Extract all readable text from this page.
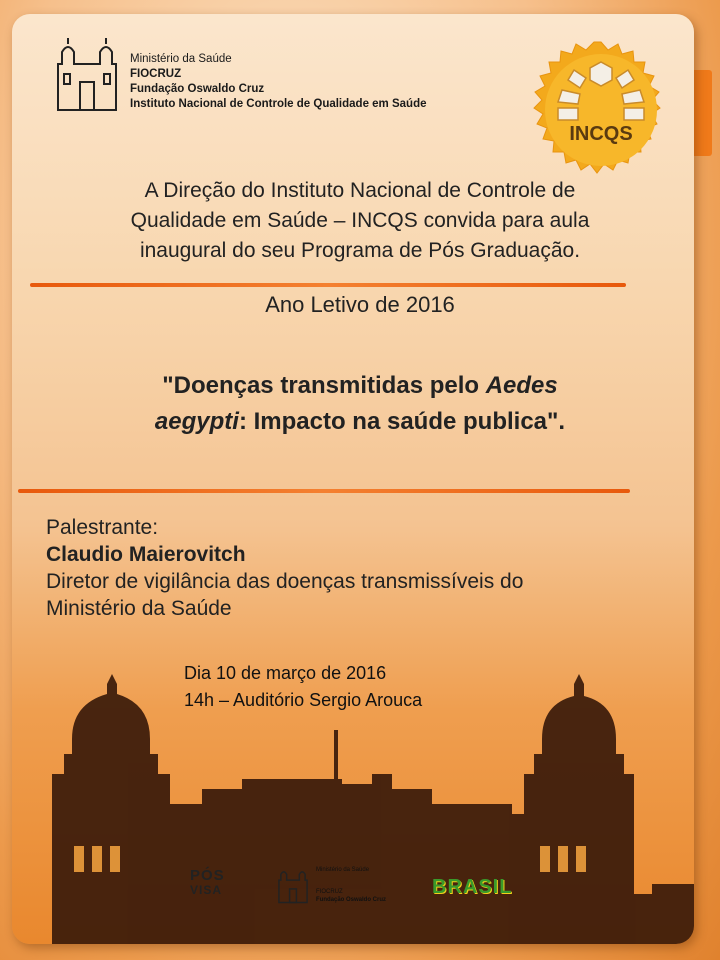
Ministério da Saúde
FIOCRUZ
Fundação Oswaldo Cruz
Instituto Nacional de Controle de Qualidade em Saúde
INCQS
A Direção do Instituto Nacional de Controle de
Qualidade em Saúde – INCQS convida para aula
inaugural do seu Programa de Pós Graduação.
Ano Letivo de 2016
"Doenças transmitidas pelo Aedes
aegypti: Impacto na saúde publica".
Palestrante:
Claudio Maierovitch
Diretor de vigilância das doenças transmissíveis do
Ministério da Saúde
Dia 10 de março de 2016
14h – Auditório Sergio Arouca
PÓS
VISA
Ministério da Saúde
FIOCRUZ
Fundação Oswaldo Cruz
BRASIL
